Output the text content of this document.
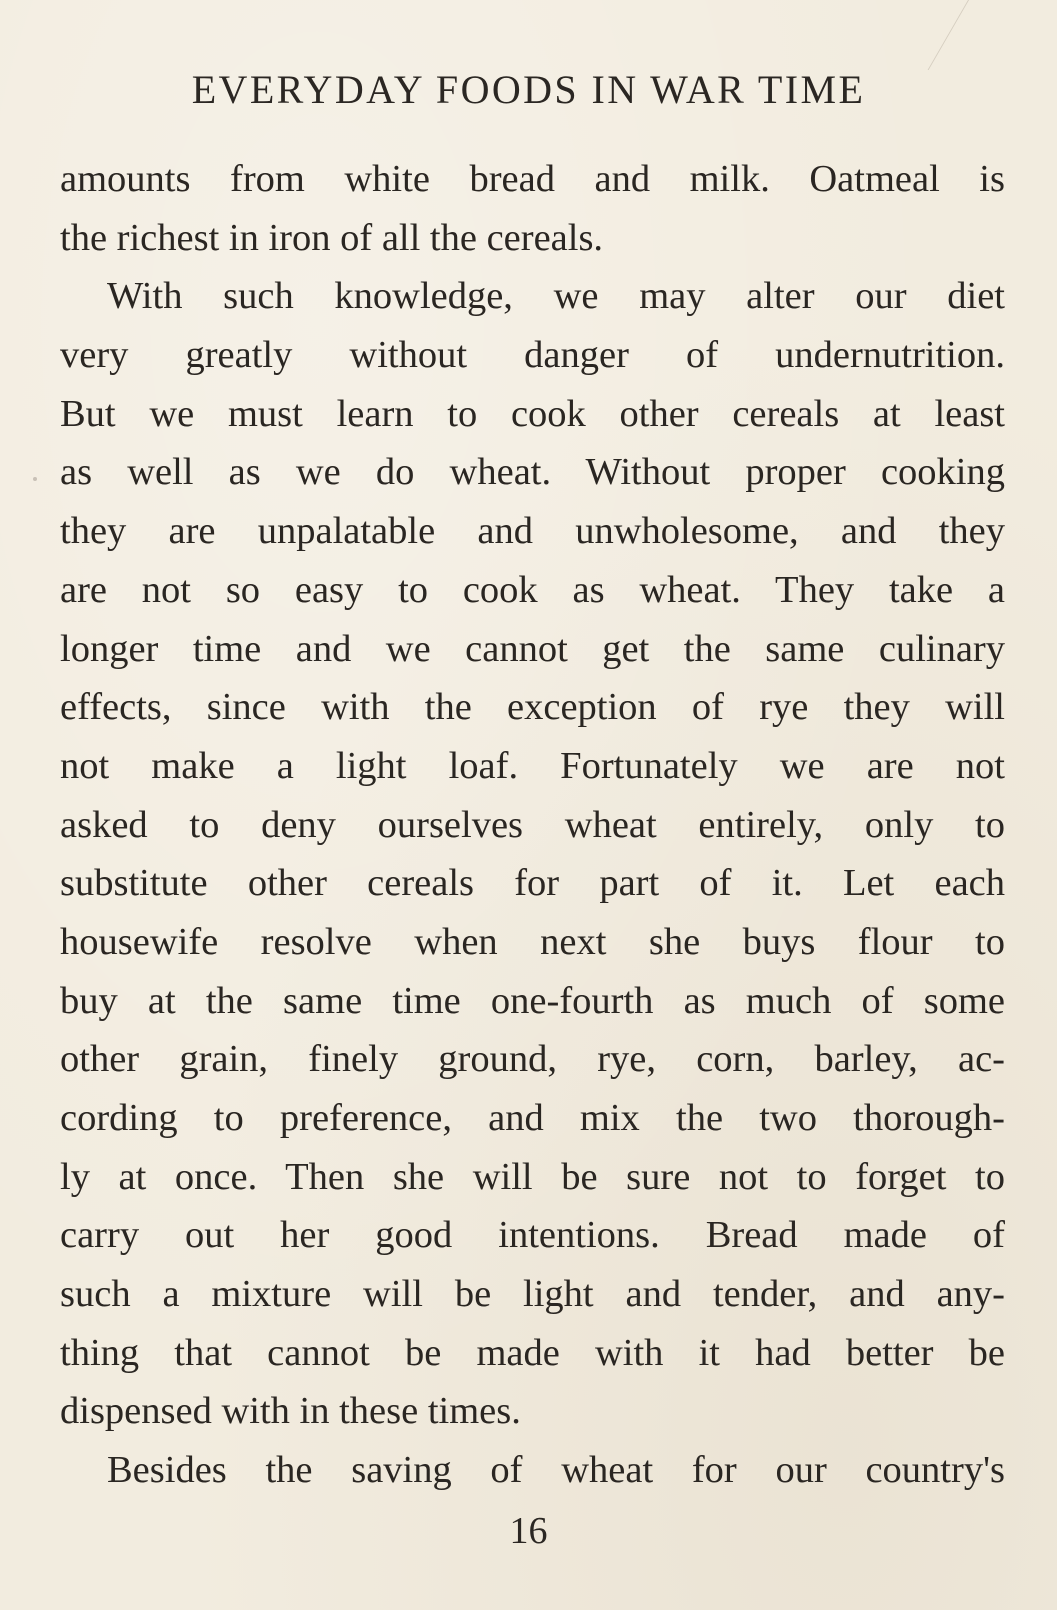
EVERYDAY FOODS IN WAR TIME
amounts from white bread and milk. Oatmeal is
the richest in iron of all the cereals.
With such knowledge, we may alter our diet
very greatly without danger of undernutrition.
But we must learn to cook other cereals at least
as well as we do wheat. Without proper cooking
they are unpalatable and unwholesome, and they
are not so easy to cook as wheat. They take a
longer time and we cannot get the same culinary
effects, since with the exception of rye they will
not make a light loaf. Fortunately we are not
asked to deny ourselves wheat entirely, only to
substitute other cereals for part of it. Let each
housewife resolve when next she buys flour to
buy at the same time one-fourth as much of some
other grain, finely ground, rye, corn, barley, ac-
cording to preference, and mix the two thorough-
ly at once. Then she will be sure not to forget to
carry out her good intentions. Bread made of
such a mixture will be light and tender, and any-
thing that cannot be made with it had better be
dispensed with in these times.
Besides the saving of wheat for our country's
16
